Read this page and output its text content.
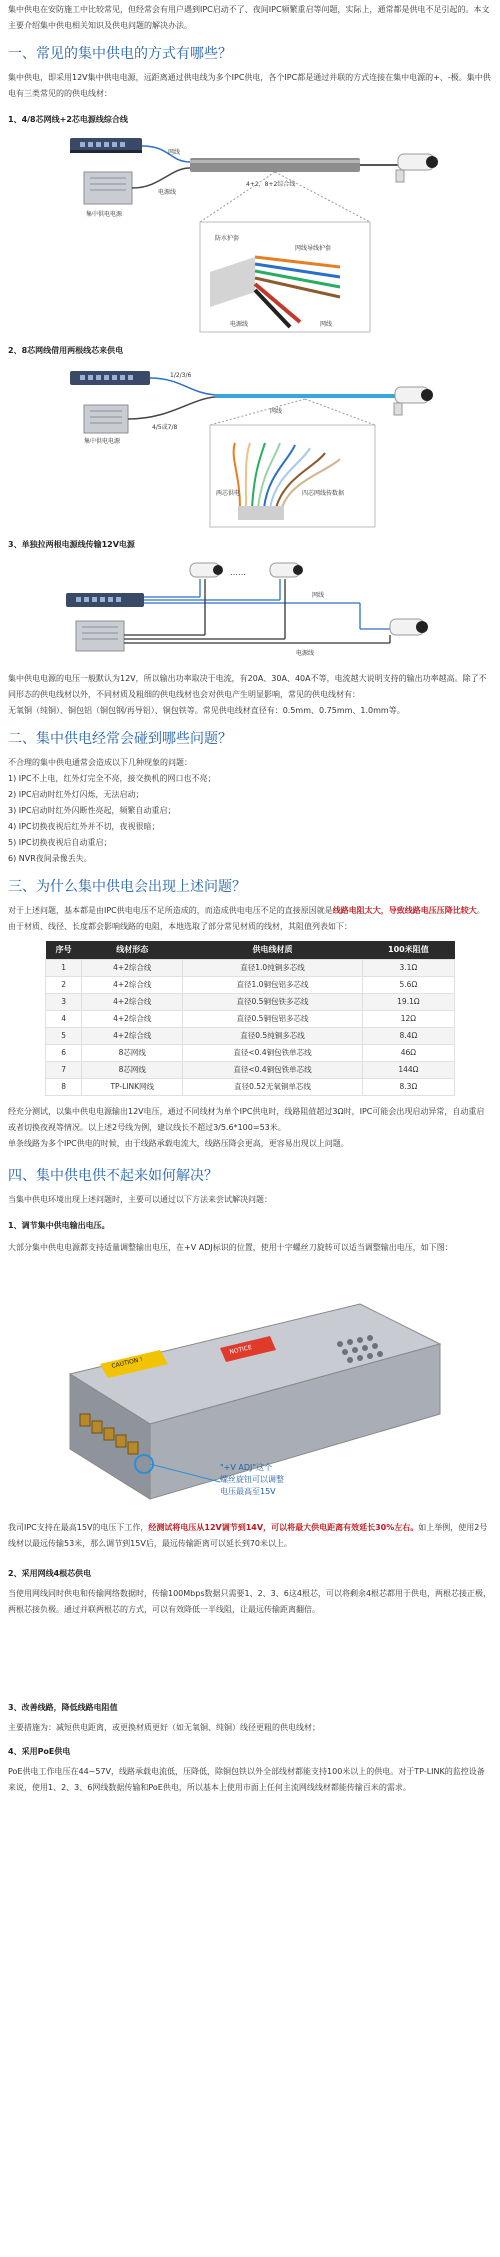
集中供电在安防施工中比较常见，但经常会有用户遇到IPC启动不了、夜间IPC频繁重启等问题，实际上，通常都是供电不足引起的。本文主要介绍集中供电相关知识及供电问题的解决办法。

一、常见的集中供电的方式有哪些？

集中供电，即采用12V集中供电电源，远距离通过供电线为多个IPC供电，各个IPC都是通过并联的方式连接在集中电源的+、-极。集中供电有三类常见的的供电线材：

1、4/8芯网线+2芯电源线综合线
集中供电电源
网线
电源线
4+2，8+2综合线
防水护套
网线导线护套
电源线	网线
2、8芯网线借用两根线芯来供电
集中供电电源
1/2/3/6
4/5或7/8
网线
两芯供电	四芯网线传数据
3、单独拉两根电源线传输12V电源
……
网线
电源线

集中供电电源的电压一般默认为12V，所以输出功率取决于电流，有20A、30A、40A不等，电流越大说明支持的输出功率越高。除了不同形态的供电线材以外，不同材质及粗细的供电线材也会对供电产生明显影响，常见的供电线材有：

无氧铜（纯铜）、铜包铝（铜包钢/再导铝）、铜包铁等。常见供电线材直径有：0.5mm、0.75mm、1.0mm等。

二、集中供电经常会碰到哪些问题？

不合理的集中供电通常会造成以下几种现象的问题：

1) IPC不上电，红外灯完全不亮，接交换机的网口也不亮；
2) IPC启动时红外灯闪烁，无法启动；
3) IPC启动时红外闪断性亮起，频繁自动重启；
4) IPC切换夜视后红外并不切，夜视很暗；
5) IPC切换夜视后自动重启；
6) NVR夜间录像丢失。
三、为什么集中供电会出现上述问题？

对于上述问题，基本都是由IPC供电电压不足所造成的，而造成供电电压不足的直接原因就是线路电阻太大，导致线路电压压降比较大。由于材质、线径、长度都会影响线路的电阻，本地选取了部分常见材质的线材，其阻值列表如下：

序号	线材形态	供电线材质	100米阻值
1	4+2综合线	直径1.0纯铜多芯线	3.1Ω
2	4+2综合线	直径1.0铜包铝多芯线	5.6Ω
3	4+2综合线	直径0.5铜包铁多芯线	19.1Ω
4	4+2综合线	直径0.5铜包铝多芯线	12Ω
5	4+2综合线	直径0.5纯铜多芯线	8.4Ω
6	8芯网线	直径<0.4铜包铁单芯线	46Ω
7	8芯网线	直径<0.4铜包铁单芯线	144Ω
8	TP-LINK网线	直径0.52无氧铜单芯线	8.3Ω

经充分测试，以集中供电电源输出12V电压，通过不同线材为单个IPC供电时，线路阻值超过3Ω时，IPC可能会出现启动异常，自动重启或者切换夜视等情况。以上述2号线为例，建议线长不超过3/5.6*100=53米。

单条线路为多个IPC供电的时候，由于线路承载电流大，线路压降会更高，更容易出现以上问题。

四、集中供电供不起来如何解决？

当集中供电环境出现上述问题时，主要可以通过以下方法来尝试解决问题：

1、调节集中供电输出电压。

大部分集中供电电源都支持适量调整输出电压，在+V ADJ标识的位置，使用十字螺丝刀旋转可以适当调整输出电压，如下图：

CAUTION !
NOTICE
"+V ADJ"这个
螺丝旋钮可以调整
电压最高至15V

我司IPC支持在最高15V的电压下工作，经测试将电压从12V调节到14V，可以将最大供电距离有效延长30%左右。如上举例，使用2号线材以最远传输53米，那么调节到15V后，最远传输距离可以延长到70米以上。

2、采用网线4根芯供电

当使用网线同时供电和传输网络数据时，传输100Mbps数据只需要1、2、3、6这4根芯，可以将剩余4根芯都用于供电，两根芯接正极，两根芯接负极。通过并联两根芯的方式，可以有效降低一半线阻，让最远传输距离翻倍。

3、改善线路，降低线路电阻值

主要措施为：减短供电距离，或更换材质更好（如无氧铜、纯铜）线径更粗的供电线材；

4、采用PoE供电

PoE供电工作电压在44~57V，线路承载电流低，压降低，除铜包铁以外全部线材都能支持100米以上的供电。对于TP-LINK的监控设备来说，使用1、2、3、6网线数据传输和PoE供电，所以基本上使用市面上任何主流网线线材都能传输百米的需求。
